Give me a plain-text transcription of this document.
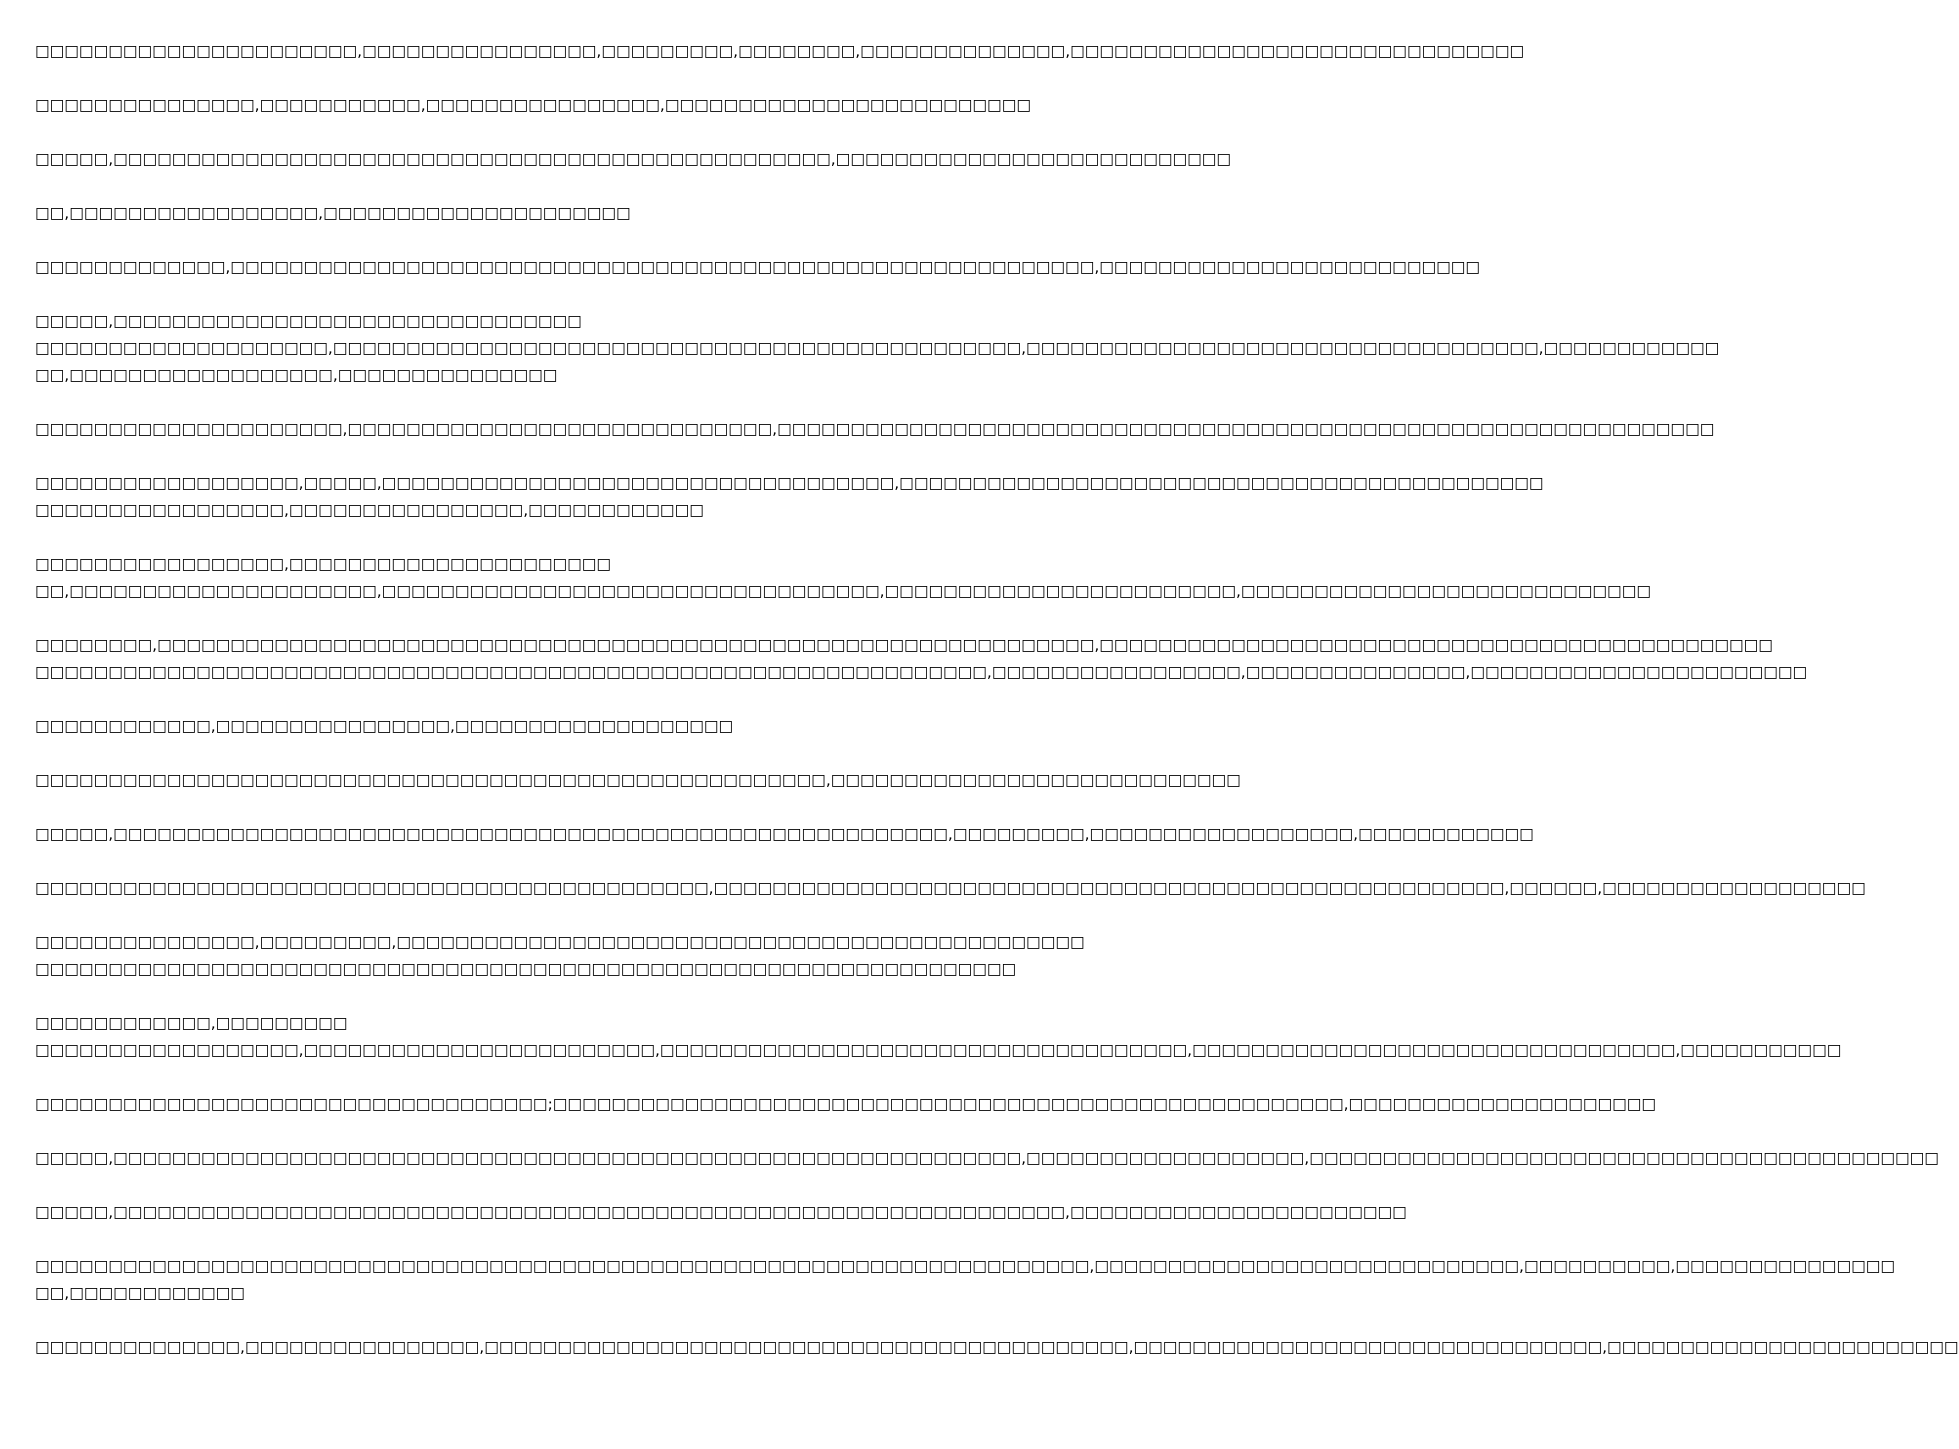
□□□□□□□□□□□□□□□□□□□□□□,□□□□□□□□□□□□□□□□,□□□□□□□□□,□□□□□□□□,□□□□□□□□□□□□□□,□□□□□□□□□□□□□□□□□□□□□□□□□□□□□□□
□□□□□□□□□□□□□□□,□□□□□□□□□□□,□□□□□□□□□□□□□□□□,□□□□□□□□□□□□□□□□□□□□□□□□□
□□□□□,□□□□□□□□□□□□□□□□□□□□□□□□□□□□□□□□□□□□□□□□□□□□□□□□□,□□□□□□□□□□□□□□□□□□□□□□□□□□□
□□,□□□□□□□□□□□□□□□□□,□□□□□□□□□□□□□□□□□□□□□
□□□□□□□□□□□□□,□□□□□□□□□□□□□□□□□□□□□□□□□□□□□□□□□□□□□□□□□□□□□□□□□□□□□□□□□□□,□□□□□□□□□□□□□□□□□□□□□□□□□□
□□□□□,□□□□□□□□□□□□□□□□□□□□□□□□□□□□□□□□
□□□□□□□□□□□□□□□□□□□□,□□□□□□□□□□□□□□□□□□□□□□□□□□□□□□□□□□□□□□□□□□□□□□□,□□□□□□□□□□□□□□□□□□□□□□□□□□□□□□□□□□□,□□□□□□□□□□□□
□□,□□□□□□□□□□□□□□□□□□,□□□□□□□□□□□□□□□
□□□□□□□□□□□□□□□□□□□□□,□□□□□□□□□□□□□□□□□□□□□□□□□□□□□,□□□□□□□□□□□□□□□□□□□□□□□□□□□□□□□□□□□□□□□□□□□□□□□□□□□□□□□□□□□□□□□□
□□□□□□□□□□□□□□□□□□,□□□□□,□□□□□□□□□□□□□□□□□□□□□□□□□□□□□□□□□□□,□□□□□□□□□□□□□□□□□□□□□□□□□□□□□□□□□□□□□□□□□□□□
□□□□□□□□□□□□□□□□□,□□□□□□□□□□□□□□□□,□□□□□□□□□□□□
□□□□□□□□□□□□□□□□□,□□□□□□□□□□□□□□□□□□□□□□
□□,□□□□□□□□□□□□□□□□□□□□□,□□□□□□□□□□□□□□□□□□□□□□□□□□□□□□□□□□,□□□□□□□□□□□□□□□□□□□□□□□□,□□□□□□□□□□□□□□□□□□□□□□□□□□□□
□□□□□□□□,□□□□□□□□□□□□□□□□□□□□□□□□□□□□□□□□□□□□□□□□□□□□□□□□□□□□□□□□□□□□□□□□,□□□□□□□□□□□□□□□□□□□□□□□□□□□□□□□□□□□□□□□□□□□□□□
□□□□□□□□□□□□□□□□□□□□□□□□□□□□□□□□□□□□□□□□□□□□□□□□□□□□□□□□□□□□□□□□□,□□□□□□□□□□□□□□□□□,□□□□□□□□□□□□□□□,□□□□□□□□□□□□□□□□□□□□□□□
□□□□□□□□□□□□,□□□□□□□□□□□□□□□□,□□□□□□□□□□□□□□□□□□□
□□□□□□□□□□□□□□□□□□□□□□□□□□□□□□□□□□□□□□□□□□□□□□□□□□□□□□,□□□□□□□□□□□□□□□□□□□□□□□□□□□□
□□□□□,□□□□□□□□□□□□□□□□□□□□□□□□□□□□□□□□□□□□□□□□□□□□□□□□□□□□□□□□□,□□□□□□□□□,□□□□□□□□□□□□□□□□□□,□□□□□□□□□□□□
□□□□□□□□□□□□□□□□□□□□□□□□□□□□□□□□□□□□□□□□□□□□□□,□□□□□□□□□□□□□□□□□□□□□□□□□□□□□□□□□□□□□□□□□□□□□□□□□□□□□□,□□□□□□,□□□□□□□□□□□□□□□□□□
□□□□□□□□□□□□□□□,□□□□□□□□□,□□□□□□□□□□□□□□□□□□□□□□□□□□□□□□□□□□□□□□□□□□□□□□□
□□□□□□□□□□□□□□□□□□□□□□□□□□□□□□□□□□□□□□□□□□□□□□□□□□□□□□□□□□□□□□□□□□□
□□□□□□□□□□□□,□□□□□□□□□
□□□□□□□□□□□□□□□□□□,□□□□□□□□□□□□□□□□□□□□□□□□,□□□□□□□□□□□□□□□□□□□□□□□□□□□□□□□□□□□□,□□□□□□□□□□□□□□□□□□□□□□□□□□□□□□□□□,□□□□□□□□□□□
□□□□□□□□□□□□□□□□□□□□□□□□□□□□□□□□□□□;□□□□□□□□□□□□□□□□□□□□□□□□□□□□□□□□□□□□□□□□□□□□□□□□□□□□□□,□□□□□□□□□□□□□□□□□□□□□
□□□□□,□□□□□□□□□□□□□□□□□□□□□□□□□□□□□□□□□□□□□□□□□□□□□□□□□□□□□□□□□□□□□□,□□□□□□□□□□□□□□□□□□□,□□□□□□□□□□□□□□□□□□□□□□□□□□□□□□□□□□□□□□□□□□□
□□□□□,□□□□□□□□□□□□□□□□□□□□□□□□□□□□□□□□□□□□□□□□□□□□□□□□□□□□□□□□□□□□□□□□□,□□□□□□□□□□□□□□□□□□□□□□□
□□□□□□□□□□□□□□□□□□□□□□□□□□□□□□□□□□□□□□□□□□□□□□□□□□□□□□□□□□□□□□□□□□□□□□□□,□□□□□□□□□□□□□□□□□□□□□□□□□□□□□,□□□□□□□□□□,□□□□□□□□□□□□□□□
□□,□□□□□□□□□□□□
□□□□□□□□□□□□□□,□□□□□□□□□□□□□□□□,□□□□□□□□□□□□□□□□□□□□□□□□□□□□□□□□□□□□□□□□□□□□,□□□□□□□□□□□□□□□□□□□□□□□□□□□□□□□□,□□□□□□□□□□□□□□□□□□□□□□□□
